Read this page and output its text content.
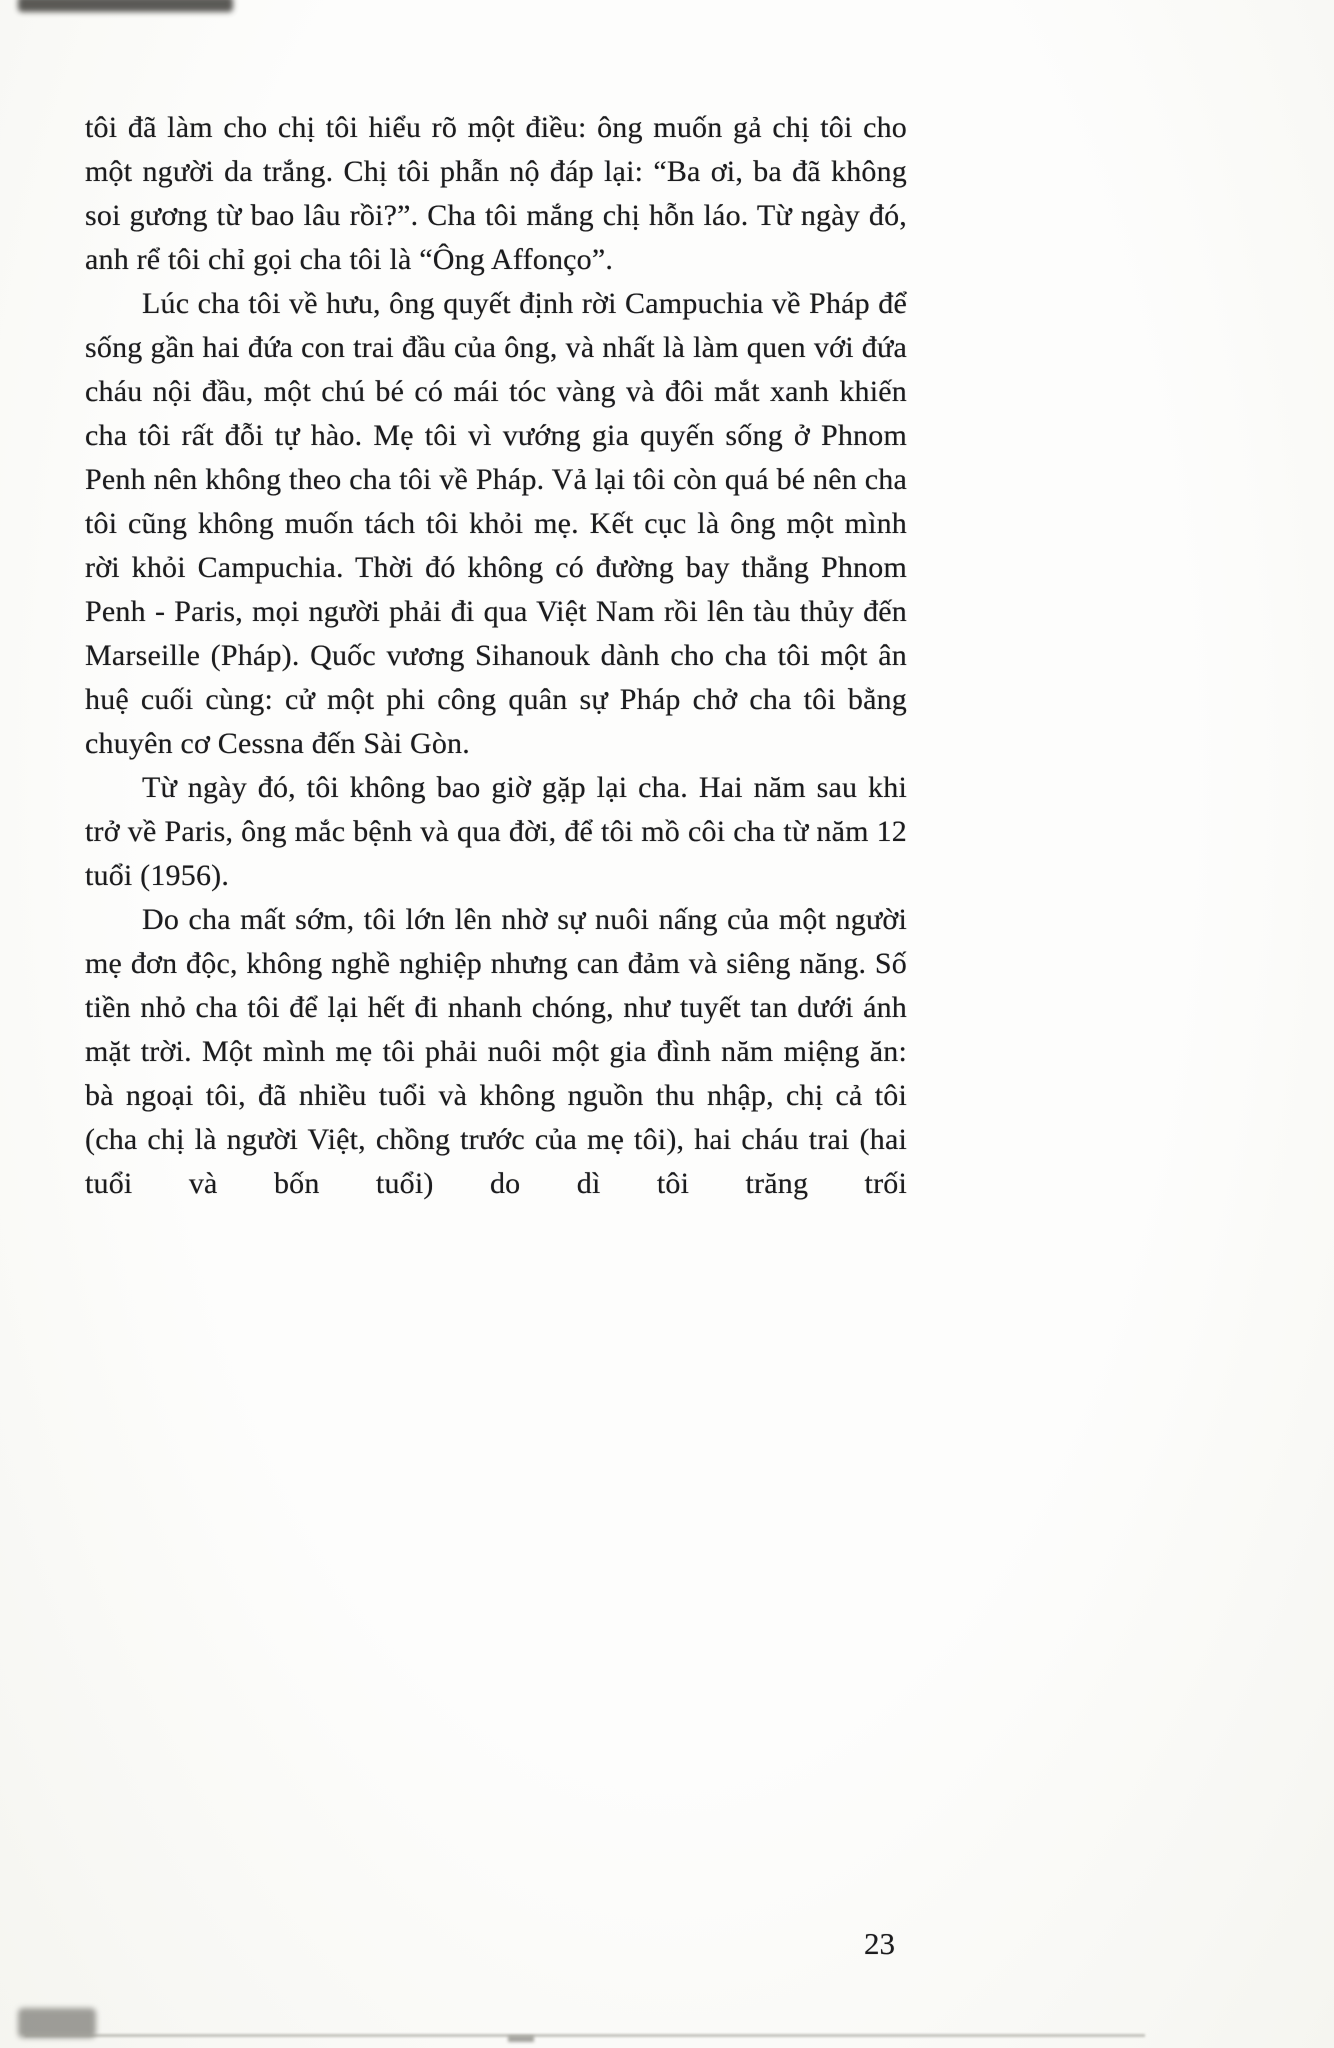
tôi đã làm cho chị tôi hiểu rõ một điều: ông muốn gả chị tôi cho một người da trắng. Chị tôi phẫn nộ đáp lại: “Ba ơi, ba đã không soi gương từ bao lâu rồi?”. Cha tôi mắng chị hỗn láo. Từ ngày đó, anh rể tôi chỉ gọi cha tôi là “Ông Affonço”.

Lúc cha tôi về hưu, ông quyết định rời Campuchia về Pháp để sống gần hai đứa con trai đầu của ông, và nhất là làm quen với đứa cháu nội đầu, một chú bé có mái tóc vàng và đôi mắt xanh khiến cha tôi rất đỗi tự hào. Mẹ tôi vì vướng gia quyến sống ở Phnom Penh nên không theo cha tôi về Pháp. Vả lại tôi còn quá bé nên cha tôi cũng không muốn tách tôi khỏi mẹ. Kết cục là ông một mình rời khỏi Campuchia. Thời đó không có đường bay thẳng Phnom Penh - Paris, mọi người phải đi qua Việt Nam rồi lên tàu thủy đến Marseille (Pháp). Quốc vương Sihanouk dành cho cha tôi một ân huệ cuối cùng: cử một phi công quân sự Pháp chở cha tôi bằng chuyên cơ Cessna đến Sài Gòn.

Từ ngày đó, tôi không bao giờ gặp lại cha. Hai năm sau khi trở về Paris, ông mắc bệnh và qua đời, để tôi mồ côi cha từ năm 12 tuổi (1956).

Do cha mất sớm, tôi lớn lên nhờ sự nuôi nấng của một người mẹ đơn độc, không nghề nghiệp nhưng can đảm và siêng năng. Số tiền nhỏ cha tôi để lại hết đi nhanh chóng, như tuyết tan dưới ánh mặt trời. Một mình mẹ tôi phải nuôi một gia đình năm miệng ăn: bà ngoại tôi, đã nhiều tuổi và không nguồn thu nhập, chị cả tôi (cha chị là người Việt, chồng trước của mẹ tôi), hai cháu trai (hai tuổi và bốn tuổi) do dì tôi trăng trối

23
